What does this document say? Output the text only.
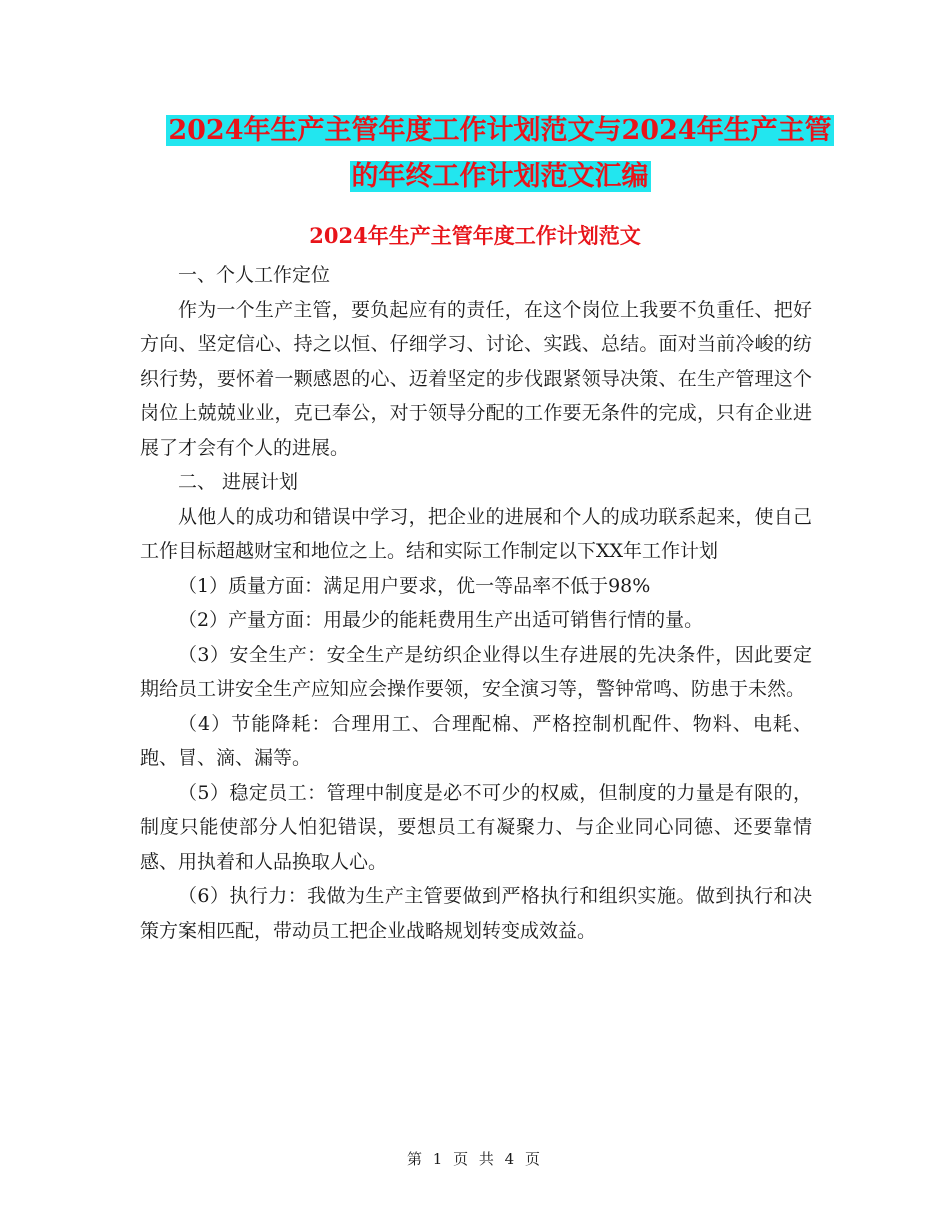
2024年生产主管年度工作计划范文与2024年生产主管
的年终工作计划范文汇编
2024年生产主管年度工作计划范文

一、个人工作定位

作为一个生产主管，要负起应有的责任，在这个岗位上我要不负重任、把好方向、坚定信心、持之以恒、仔细学习、讨论、实践、总结。面对当前冷峻的纺织行势，要怀着一颗感恩的心、迈着坚定的步伐跟紧领导决策、在生产管理这个岗位上兢兢业业，克已奉公，对于领导分配的工作要无条件的完成，只有企业进展了才会有个人的进展。

二、 进展计划

从他人的成功和错误中学习，把企业的进展和个人的成功联系起来，使自己工作目标超越财宝和地位之上。结和实际工作制定以下XX年工作计划

（1）质量方面：满足用户要求，优一等品率不低于98%

（2）产量方面：用最少的能耗费用生产出适可销售行情的量。

（3）安全生产：安全生产是纺织企业得以生存进展的先决条件，因此要定期给员工讲安全生产应知应会操作要领，安全演习等，警钟常鸣、防患于未然。

（4）节能降耗：合理用工、合理配棉、严格控制机配件、物料、电耗、跑、冒、滴、漏等。

（5）稳定员工：管理中制度是必不可少的权威，但制度的力量是有限的，制度只能使部分人怕犯错误，要想员工有凝聚力、与企业同心同德、还要靠情感、用执着和人品换取人心。

（6）执行力：我做为生产主管要做到严格执行和组织实施。做到执行和决策方案相匹配，带动员工把企业战略规划转变成效益。

第 1 页 共 4 页
